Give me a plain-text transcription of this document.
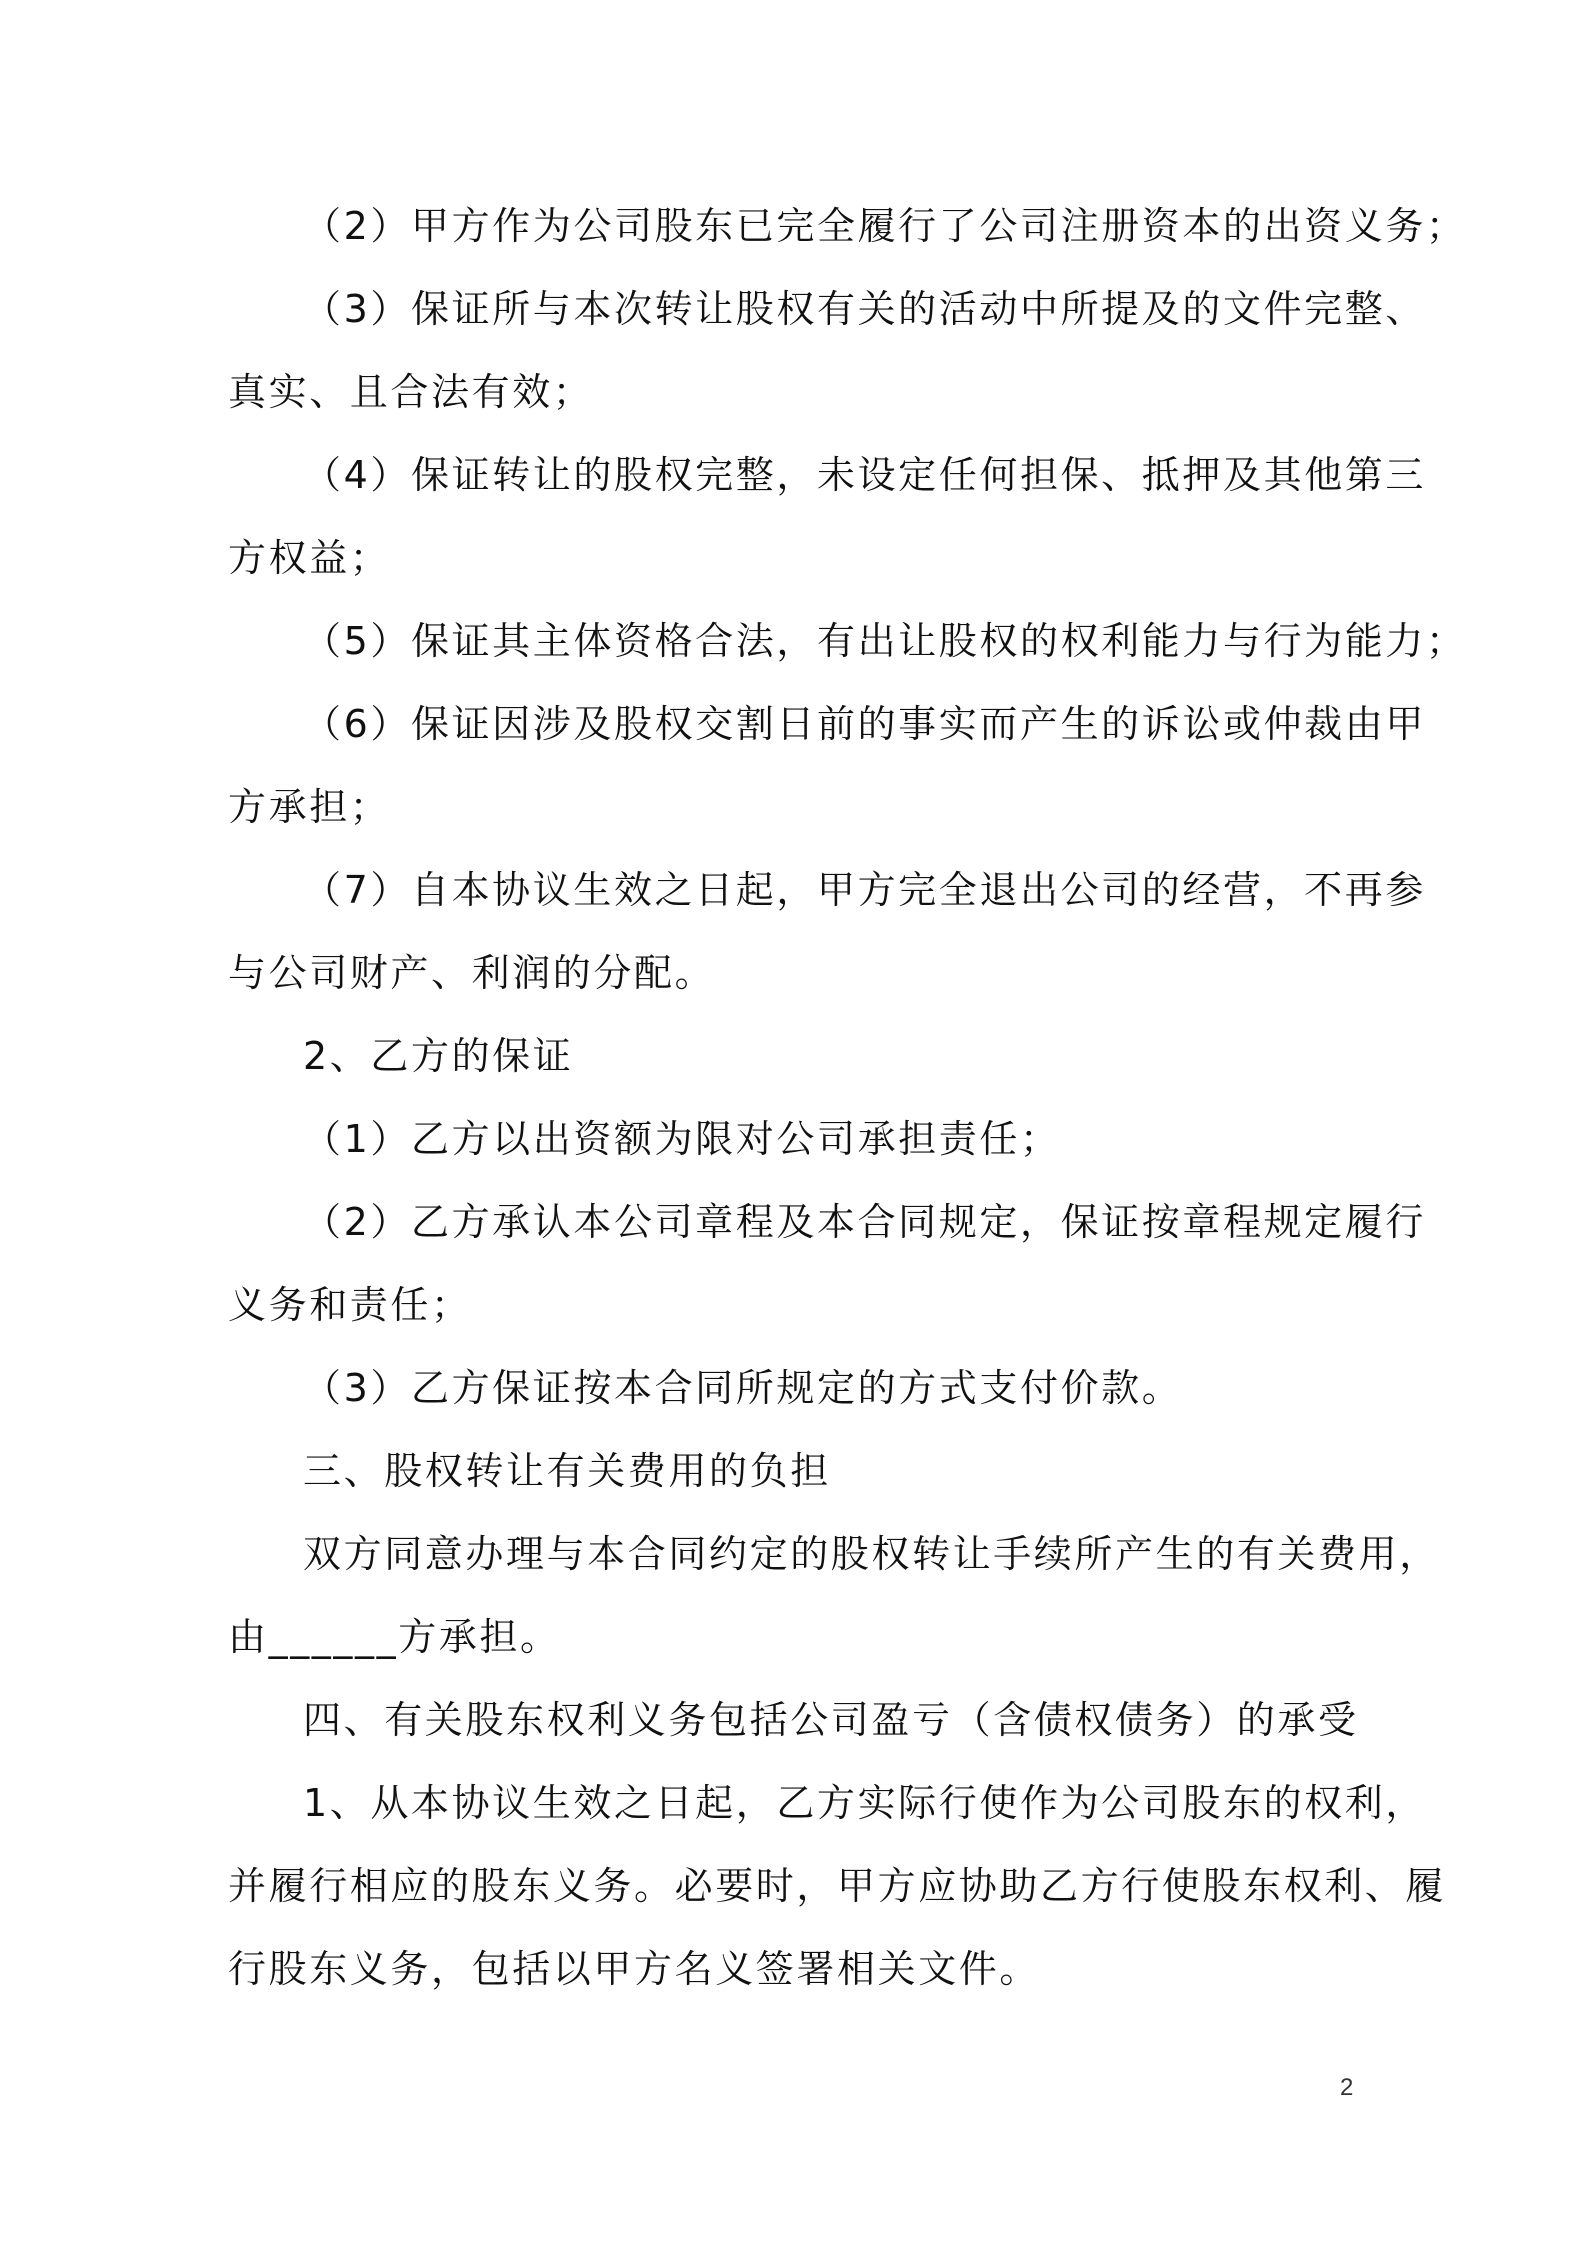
（2）甲方作为公司股东已完全履行了公司注册资本的出资义务；

（3）保证所与本次转让股权有关的活动中所提及的文件完整、

真实、且合法有效；

（4）保证转让的股权完整，未设定任何担保、抵押及其他第三

方权益；

（5）保证其主体资格合法，有出让股权的权利能力与行为能力；

（6）保证因涉及股权交割日前的事实而产生的诉讼或仲裁由甲

方承担；

（7）自本协议生效之日起，甲方完全退出公司的经营，不再参

与公司财产、利润的分配。

2、乙方的保证

（1）乙方以出资额为限对公司承担责任；

（2）乙方承认本公司章程及本合同规定，保证按章程规定履行

义务和责任；

（3）乙方保证按本合同所规定的方式支付价款。

三、股权转让有关费用的负担

双方同意办理与本合同约定的股权转让手续所产生的有关费用，

由______方承担。

四、有关股东权利义务包括公司盈亏（含债权债务）的承受

1、从本协议生效之日起，乙方实际行使作为公司股东的权利，

并履行相应的股东义务。必要时，甲方应协助乙方行使股东权利、履

行股东义务，包括以甲方名义签署相关文件。

2
